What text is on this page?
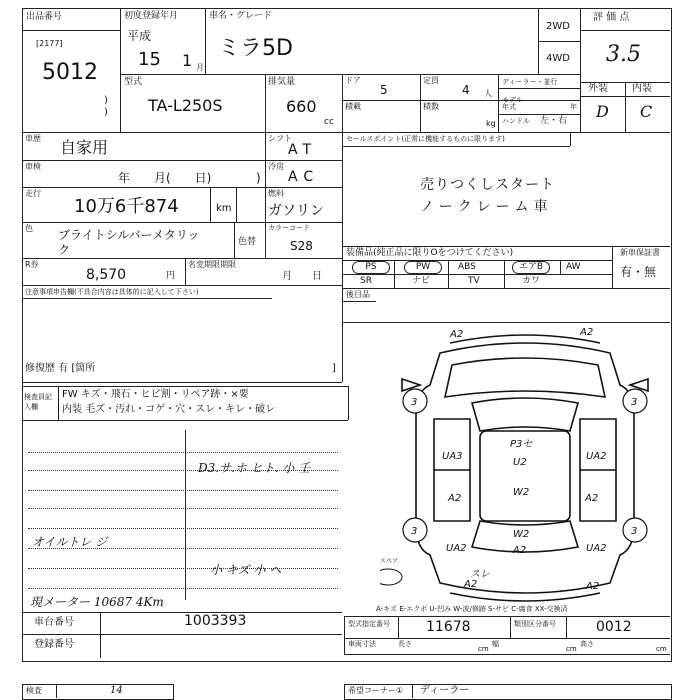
出品番号
[2177]
5012
)
)
初度登録年月
平成
15 1 月
車名・グレード
ミラ5D
2WD
4WD
評 価 点
3.5
外装 内装
D C
型式
TA-L250S
排気量
660
cc
ドア
5
定員
4 人
ディーラー・並行
モデル年式	年
積載	積数
kg ハンドル 左・右
車歴 自家用	シフト
AT
車検
年　　月(　　日)	)
冷房
AC
走行
10万6千874	km
燃料
ガソリン
色 ブライトシルバーメタリッ
ク
色替
カラーコード
S28
R券
8,570	円
名変期限期限
月　　日
注意事項申告欄(不具合内容は具体的に記入して下さい)
修復歴 有 [箇所	]
セールスポイント(正常に機能するものに限ります)
売りつくしスタート
ノークレーム車
装備品(純正品に限りOをつけてください)	新車保証書
有・無
PS	PW	ABS	エアB	AW
SR	ナビ	TV	カワ
後目品
検査員記入欄
FW キズ・飛石・ヒビ割・リペア跡・×要
内装 毛ズ・汚れ・コゲ・穴・スレ・キレ・破レ
D3.サ.ホ ヒト. 小 壬
オイルトレ ジ
小 キズ 小 ヘ
現メーター 10687 4Km
A2	A2
3	3
3	3
P3セ
U2
UA3	UA2
A2
W2
A2
W2
UA2	A2	UA2
A2	A2
スレ
スペア
A-キズ E-エクボ U-凹み W-波/修跡 S-サビ C-腐食 XX-交換済
車台番号	1003393
登録番号
型式指定番号	11678	類別区分番号	0012
車両寸法	長さ
cm
幅
cm
高さ
cm
検査	14	希望コーナー① ディーラー
